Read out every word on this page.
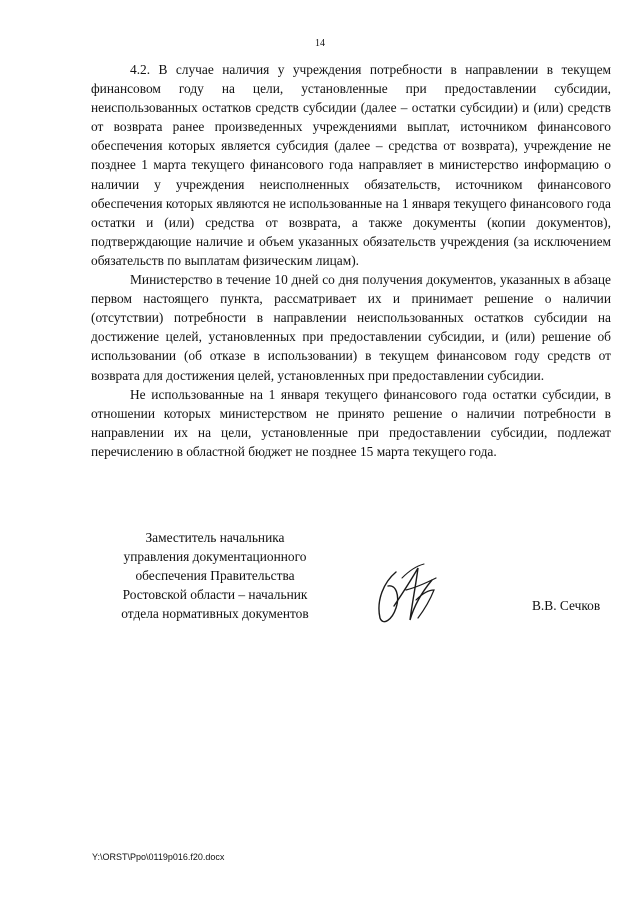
14

4.2. В случае наличия у учреждения потребности в направлении в текущем финансовом году на цели, установленные при предоставлении субсидии, неиспользованных остатков средств субсидии (далее – остатки субсидии) и (или) средств от возврата ранее произведенных учреждениями выплат, источником финансового обеспечения которых является субсидия (далее – средства от возврата), учреждение не позднее 1 марта текущего финансового года направляет в министерство информацию о наличии у учреждения неисполненных обязательств, источником финансового обеспечения которых являются не использованные на 1 января текущего финансового года остатки и (или) средства от возврата, а также документы (копии документов), подтверждающие наличие и объем указанных обязательств учреждения (за исключением обязательств по выплатам физическим лицам).

Министерство в течение 10 дней со дня получения документов, указанных в абзаце первом настоящего пункта, рассматривает их и принимает решение о наличии (отсутствии) потребности в направлении неиспользованных остатков субсидии на достижение целей, установленных при предоставлении субсидии, и (или) решение об использовании (об отказе в использовании) в текущем финансовом году средств от возврата для достижения целей, установленных при предоставлении субсидии.

Не использованные на 1 января текущего финансового года остатки субсидии, в отношении которых министерством не принято решение о наличии потребности в направлении их на цели, установленные при предоставлении субсидии, подлежат перечислению в областной бюджет не позднее 15 марта текущего года.

Заместитель начальника
управления документационного
обеспечения Правительства
Ростовской области – начальник
отдела нормативных документов
В.В. Сечков
Y:\ORST\Ppo\0119p016.f20.docx
